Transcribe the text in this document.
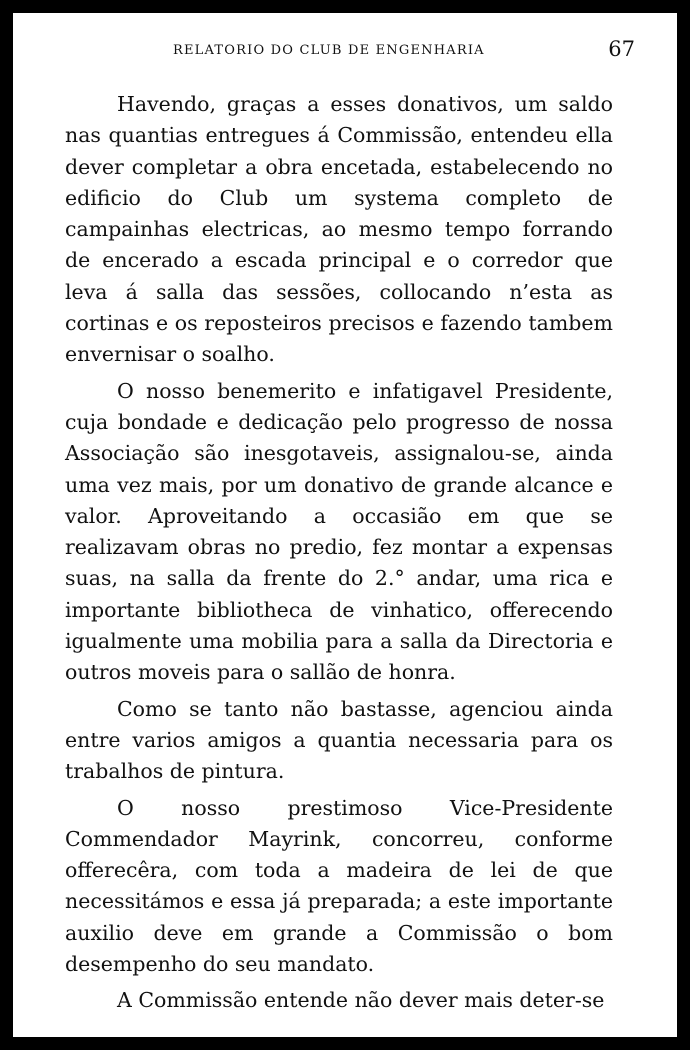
RELATORIO DO CLUB DE ENGENHARIA	67

Havendo, graças a esses donativos, um saldo nas quantias entregues á Commissão, entendeu ella dever completar a obra encetada, estabelecendo no edificio do Club um systema completo de campainhas electricas, ao mesmo tempo forrando de encerado a escada principal e o corredor que leva á salla das sessões, collocando n’esta as cortinas e os reposteiros precisos e fazendo tambem envernisar o soalho.

O nosso benemerito e infatigavel Presidente, cuja bondade e dedicação pelo progresso de nossa Associação são inesgotaveis, assignalou-se, ainda uma vez mais, por um donativo de grande alcance e valor. Aproveitando a occasião em que se realizavam obras no predio, fez montar a expensas suas, na salla da frente do 2.° andar, uma rica e importante bibliotheca de vinhatico, offerecendo igualmente uma mobilia para a salla da Directoria e outros moveis para o sallão de honra.

Como se tanto não bastasse, agenciou ainda entre varios amigos a quantia necessaria para os trabalhos de pintura.

O nosso prestimoso Vice-Presidente Commendador Mayrink, concorreu, conforme offerecêra, com toda a madeira de lei de que necessitámos e essa já preparada; a este importante auxilio deve em grande a Commissão o bom desempenho do seu mandato.

A Commissão entende não dever mais deter-se
